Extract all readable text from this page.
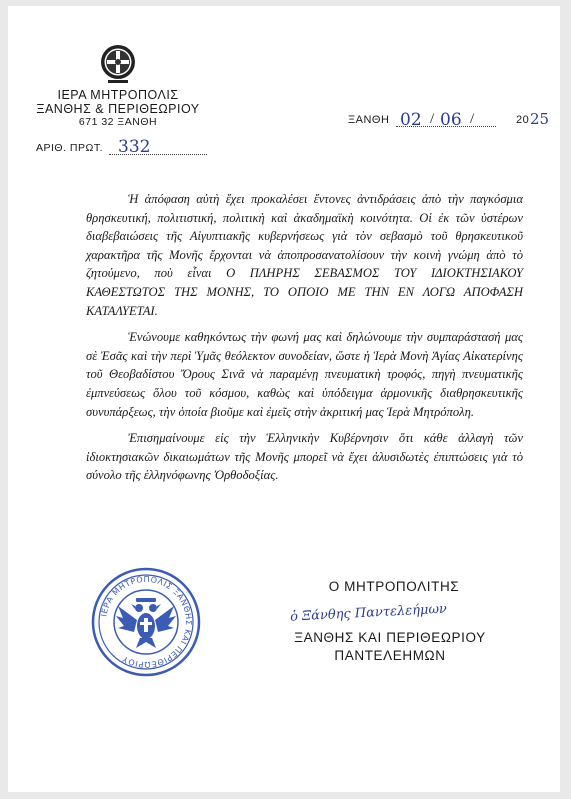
ΙΕΡΑ ΜΗΤΡΟΠΟΛΙΣ
ΞΑΝΘΗΣ & ΠΕΡΙΘΕΩΡΙΟΥ
671 32 ΞΑΝΘΗ	ΞΑΝΘΗ 02 / 06 /	20 25
ΑΡΙΘ. ΠΡΩΤ. 332

Ἡ ἀπόφαση αὐτὴ ἔχει προκαλέσει ἔντονες ἀντιδράσεις ἀπὸ τὴν παγκόσμια θρησκευτική, πολιτιστική, πολιτικὴ καὶ ἀκαδημαϊκὴ κοινότητα. Οἱ ἐκ τῶν ὑστέρων διαβεβαιώσεις τῆς Αἰγυπτιακῆς κυβερνήσεως γιὰ τὸν σεβασμὸ τοῦ θρησκευτικοῦ χαρακτῆρα τῆς Μονῆς ἔρχονται νὰ ἀποπροσανατολίσουν τὴν κοινὴ γνώμη ἀπὸ τὸ ζητούμενο, ποὺ εἶναι Ο ΠΛΗΡΗΣ ΣΕΒΑΣΜΟΣ ΤΟΥ ΙΔΙΟΚΤΗΣΙΑΚΟΥ ΚΑΘΕΣΤΩΤΟΣ ΤΗΣ ΜΟΝΗΣ, ΤΟ ΟΠΟΙΟ ΜΕ ΤΗΝ ΕΝ ΛΟΓΩ ΑΠΟΦΑΣΗ ΚΑΤΑΛΥΕΤΑΙ.

Ἑνώνουμε καθηκόντως τὴν φωνή μας καὶ δηλώνουμε τὴν συμπαράστασή μας σὲ Ἐσᾶς καὶ τὴν περὶ Ὑμᾶς θεόλεκτον συνοδείαν, ὥστε ἡ Ἱερὰ Μονὴ Ἁγίας Αἰκατερίνης τοῦ Θεοβαδίστου Ὄρους Σινᾶ νὰ παραμένῃ πνευματικὴ τροφός, πηγὴ πνευματικῆς ἐμπνεύσεως ὅλου τοῦ κόσμου, καθὼς καὶ ὑπόδειγμα ἁρμονικῆς διαθρησκευτικῆς συνυπάρξεως, τὴν ὁποία βιοῦμε καὶ ἐμεῖς στὴν ἀκριτική μας Ἱερὰ Μητρόπολη.

Ἐπισημαίνουμε εἰς τὴν Ἑλληνικὴν Κυβέρνησιν ὅτι κάθε ἀλλαγὴ τῶν ἰδιοκτησιακῶν δικαιωμάτων τῆς Μονῆς μπορεῖ νὰ ἔχει ἀλυσιδωτὲς ἐπιπτώσεις γιὰ τὸ σύνολο τῆς ἑλληνόφωνης Ὀρθοδοξίας.

ΙΕΡΑ ΜΗΤΡΟΠΟΛΙΣ ΞΑΝΘΗΣ ΚΑΙ ΠΕΡΙΘΕΩΡΙΟΥ
Ο ΜΗΤΡΟΠΟΛΙΤΗΣ
ὁ Ξάνθης Παντελεήμων
ΞΑΝΘΗΣ ΚΑΙ ΠΕΡΙΘΕΩΡΙΟΥ
ΠΑΝΤΕΛΕΗΜΩΝ
